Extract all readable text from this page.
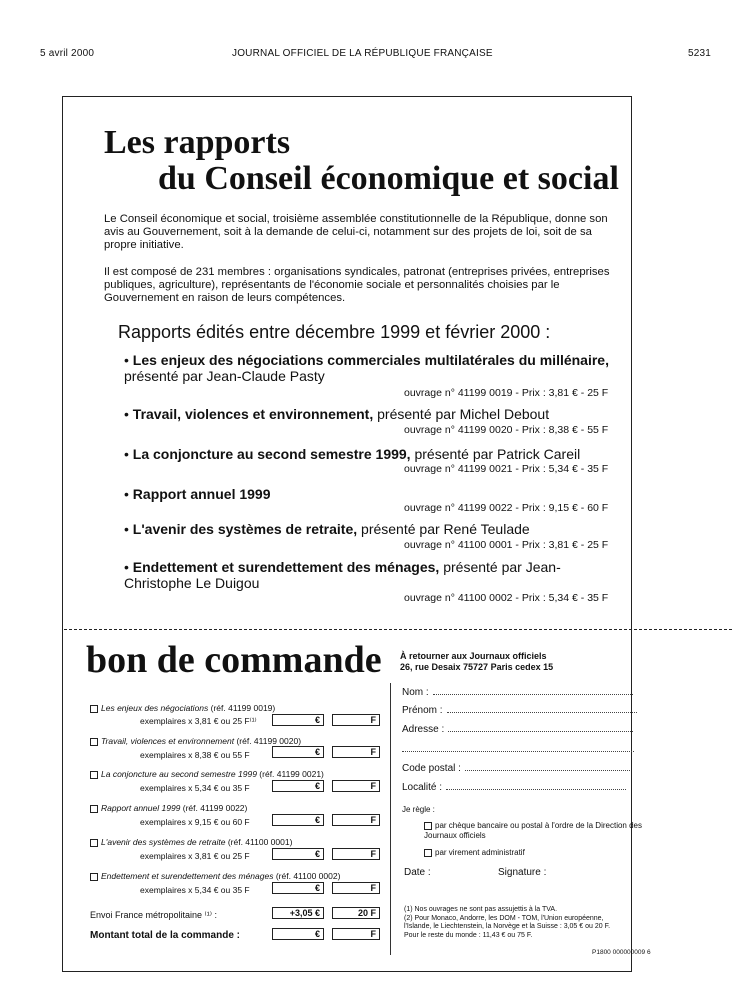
5 avril 2000	JOURNAL OFFICIEL DE LA RÉPUBLIQUE FRANÇAISE	5231
Les rapports
du Conseil économique et social
Le Conseil économique et social, troisième assemblée constitutionnelle de la République, donne son avis au Gouvernement, soit à la demande de celui-ci, notamment sur des projets de loi, soit de sa propre initiative.
Il est composé de 231 membres : organisations syndicales, patronat (entreprises privées, entreprises publiques, agriculture), représentants de l'économie sociale et personnalités choisies par le Gouvernement en raison de leurs compétences.
Rapports édités entre décembre 1999 et février 2000 :
• Les enjeux des négociations commerciales multilatérales du millénaire,
présenté par Jean-Claude Pasty
ouvrage n° 41199 0019 - Prix : 3,81 € - 25 F
• Travail, violences et environnement, présenté par Michel Debout
ouvrage n° 41199 0020 - Prix : 8,38 € - 55 F
• La conjoncture au second semestre 1999, présenté par Patrick Careil
ouvrage n° 41199 0021 - Prix : 5,34 € - 35 F
• Rapport annuel 1999
ouvrage n° 41199 0022 - Prix : 9,15 € - 60 F
• L'avenir des systèmes de retraite, présenté par René Teulade
ouvrage n° 41100 0001 - Prix : 3,81 € - 25 F
• Endettement et surendettement des ménages, présenté par Jean-Christophe Le Duigou
ouvrage n° 41100 0002 - Prix : 5,34 € - 35 F
bon de commande À retourner aux Journaux officiels
26, rue Desaix 75727 Paris cedex 15
Les enjeux des négociations (réf. 41199 0019)
exemplaires x 3,81 € ou 25 F⁽¹⁾	€	F
Travail, violences et environnement (réf. 41199 0020)
exemplaires x 8,38 € ou 55 F	€	F
La conjoncture au second semestre 1999 (réf. 41199 0021)
exemplaires x 5,34 € ou 35 F	€	F
Rapport annuel 1999 (réf. 41199 0022)
exemplaires x 9,15 € ou 60 F	€	F
L'avenir des systèmes de retraite (réf. 41100 0001)
exemplaires x 3,81 € ou 25 F	€	F
Endettement et surendettement des ménages (réf. 41100 0002)
exemplaires x 5,34 € ou 35 F	€	F
Envoi France métropolitaine ⁽¹⁾ :	+3,05 €	20 F
Montant total de la commande :	€	F
Nom :
Prénom :
Adresse :
Code postal :
Localité :
Je règle :
par chèque bancaire ou postal à l'ordre de la Direction des Journaux officiels
par virement administratif
Date :	Signature :
(1) Nos ouvrages ne sont pas assujettis à la TVA.
(2) Pour Monaco, Andorre, les DOM - TOM, l'Union européenne, l'Islande, le Liechtenstein, la Norvège et la Suisse : 3,05 € ou 20 F.
Pour le reste du monde : 11,43 € ou 75 F.
P1800 000000009 6
